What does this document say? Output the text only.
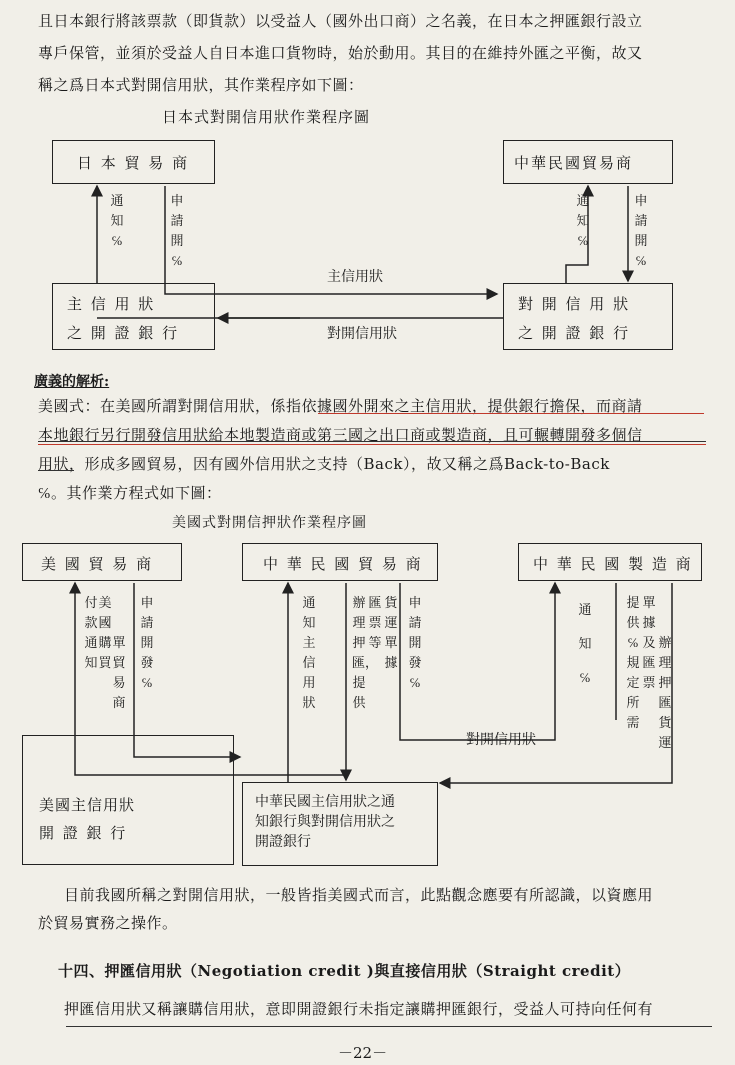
且日本銀行將該票款（即貨款）以受益人（國外出口商）之名義，在日本之押匯銀行設立
專戶保管，並須於受益人自日本進口貨物時，始於動用。其目的在維持外匯之平衡，故又
稱之爲日本式對開信用狀，其作業程序如下圖：
日本式對開信用狀作業程序圖
日 本 貿 易 商	中華民國貿易商
主 信 用 狀
之 開 證 銀 行
對 開 信 用 狀
之 開 證 銀 行
通知℅
申請開℅
通知℅
申請開℅
主信用狀
對開信用狀
廣義的解析:
美國式：在美國所謂對開信用狀，係指依據國外開來之主信用狀，提供銀行擔保，而商請
本地銀行另行開發信用狀給本地製造商或第三國之出口商或製造商，且可輾轉開發多個信
用狀，形成多國貿易，因有國外信用狀之支持（Back），故又稱之爲Back-to-Back
℅。其作業方程式如下圖：
美國式對開信押狀作業程序圖
美 國 貿 易 商	中 華 民 國 貿 易 商	中 華 民 國 製 造 商
美國主信用狀
開 證 銀 行
中華民國主信用狀之通
知銀行與對開信用狀之
開證銀行
付款通知
美國購買
單貿易商
申請開發℅
通知主信用狀
辦理押匯，提供
匯票等
貨運單據
申請開發℅
通知℅
提供℅規定所需
單據及匯票
辦理押匯貨運
對開信用狀
目前我國所稱之對開信用狀，一般皆指美國式而言，此點觀念應要有所認識，以資應用
於貿易實務之操作。
十四、押匯信用狀（Negotiation credit )與直接信用狀（Straight credit）
押匯信用狀又稱讓購信用狀，意即開證銀行未指定讓購押匯銀行，受益人可持向任何有
－22－
